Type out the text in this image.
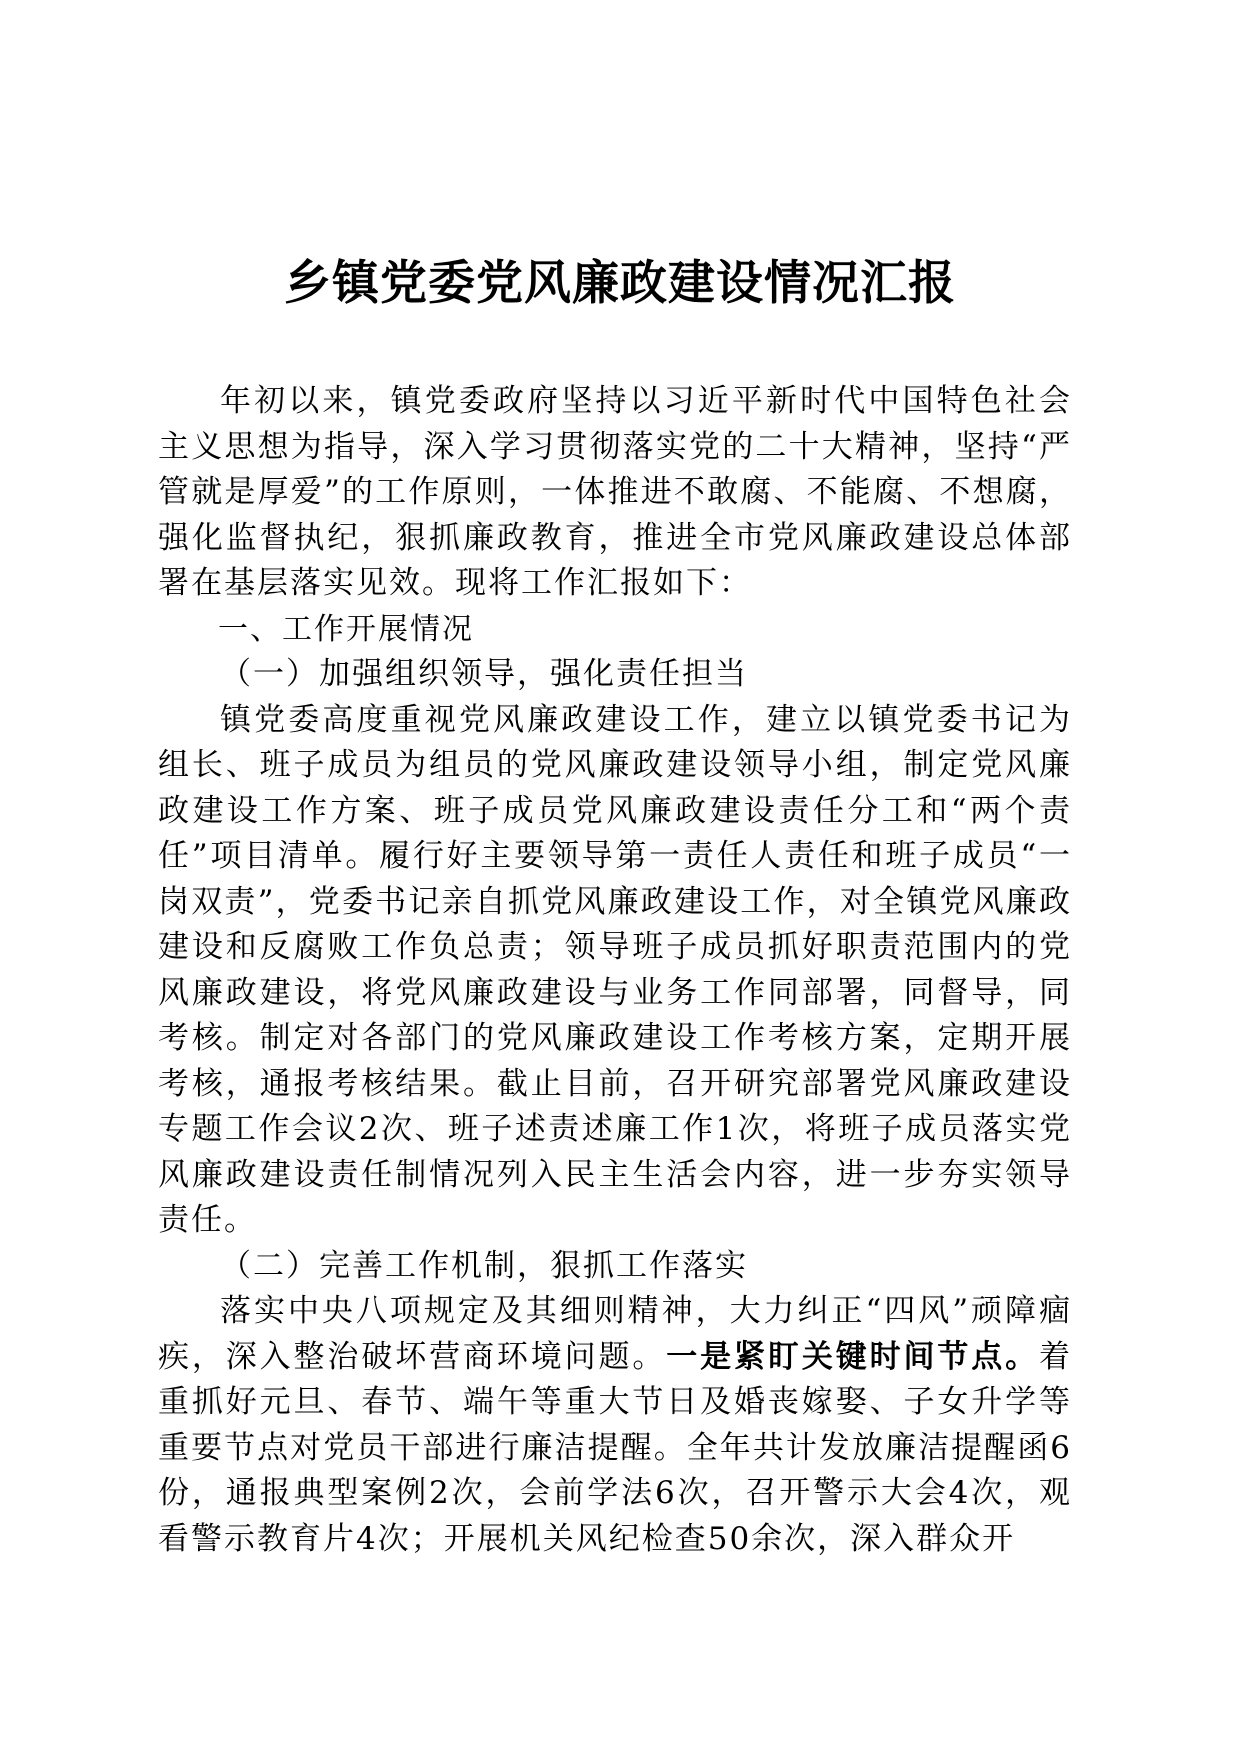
乡镇党委党风廉政建设情况汇报

年初以来，镇党委政府坚持以习近平新时代中国特色社会主义思想为指导，深入学习贯彻落实党的二十大精神，坚持“严管就是厚爱”的工作原则，一体推进不敢腐、不能腐、不想腐，强化监督执纪，狠抓廉政教育，推进全市党风廉政建设总体部署在基层落实见效。现将工作汇报如下：

一、工作开展情况

（一）加强组织领导，强化责任担当

镇党委高度重视党风廉政建设工作，建立以镇党委书记为组长、班子成员为组员的党风廉政建设领导小组，制定党风廉政建设工作方案、班子成员党风廉政建设责任分工和“两个责任”项目清单。履行好主要领导第一责任人责任和班子成员“一岗双责”，党委书记亲自抓党风廉政建设工作，对全镇党风廉政建设和反腐败工作负总责；领导班子成员抓好职责范围内的党风廉政建设，将党风廉政建设与业务工作同部署，同督导，同考核。制定对各部门的党风廉政建设工作考核方案，定期开展考核，通报考核结果。截止目前，召开研究部署党风廉政建设专题工作会议2次、班子述责述廉工作1次，将班子成员落实党风廉政建设责任制情况列入民主生活会内容，进一步夯实领导责任。

（二）完善工作机制，狠抓工作落实

落实中央八项规定及其细则精神，大力纠正“四风”顽障痼疾，深入整治破坏营商环境问题。一是紧盯关键时间节点。着重抓好元旦、春节、端午等重大节日及婚丧嫁娶、子女升学等重要节点对党员干部进行廉洁提醒。全年共计发放廉洁提醒函6份，通报典型案例2次，会前学法6次，召开警示大会4次，观看警示教育片4次；开展机关风纪检查50余次，深入群众开
